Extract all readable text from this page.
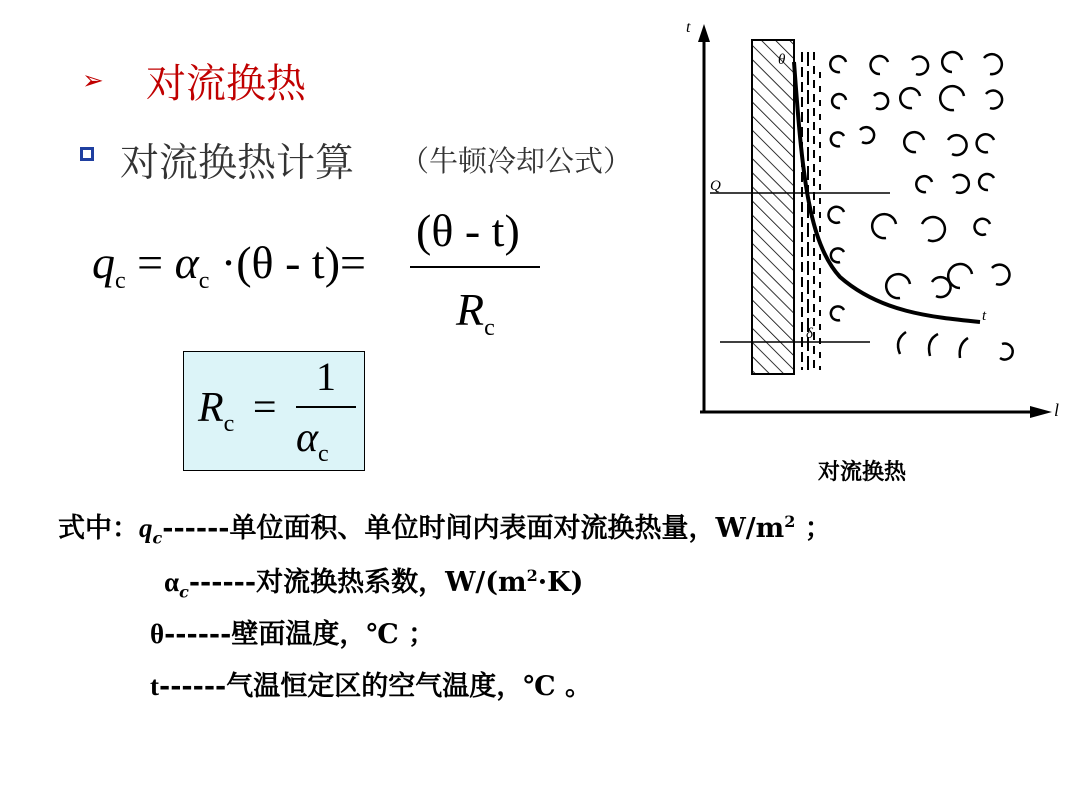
➢ 对流换热
对流换热计算 （牛顿冷却公式）
$q_c = \alpha_c \cdot(\theta - t)=$
(θ - t)
$R_c$
$R_c$ =
1
$\alpha_c$
t
l
θ
Q
δ
t
对流换热
式中：$q_c------$单位面积、单位时间内表面对流换热量，$W/m^2$ ；
$\alpha_c------$对流换热系数，$W/(m^2\cdot K)$
θ------壁面温度，℃ ；
t------气温恒定区的空气温度，℃ 。
